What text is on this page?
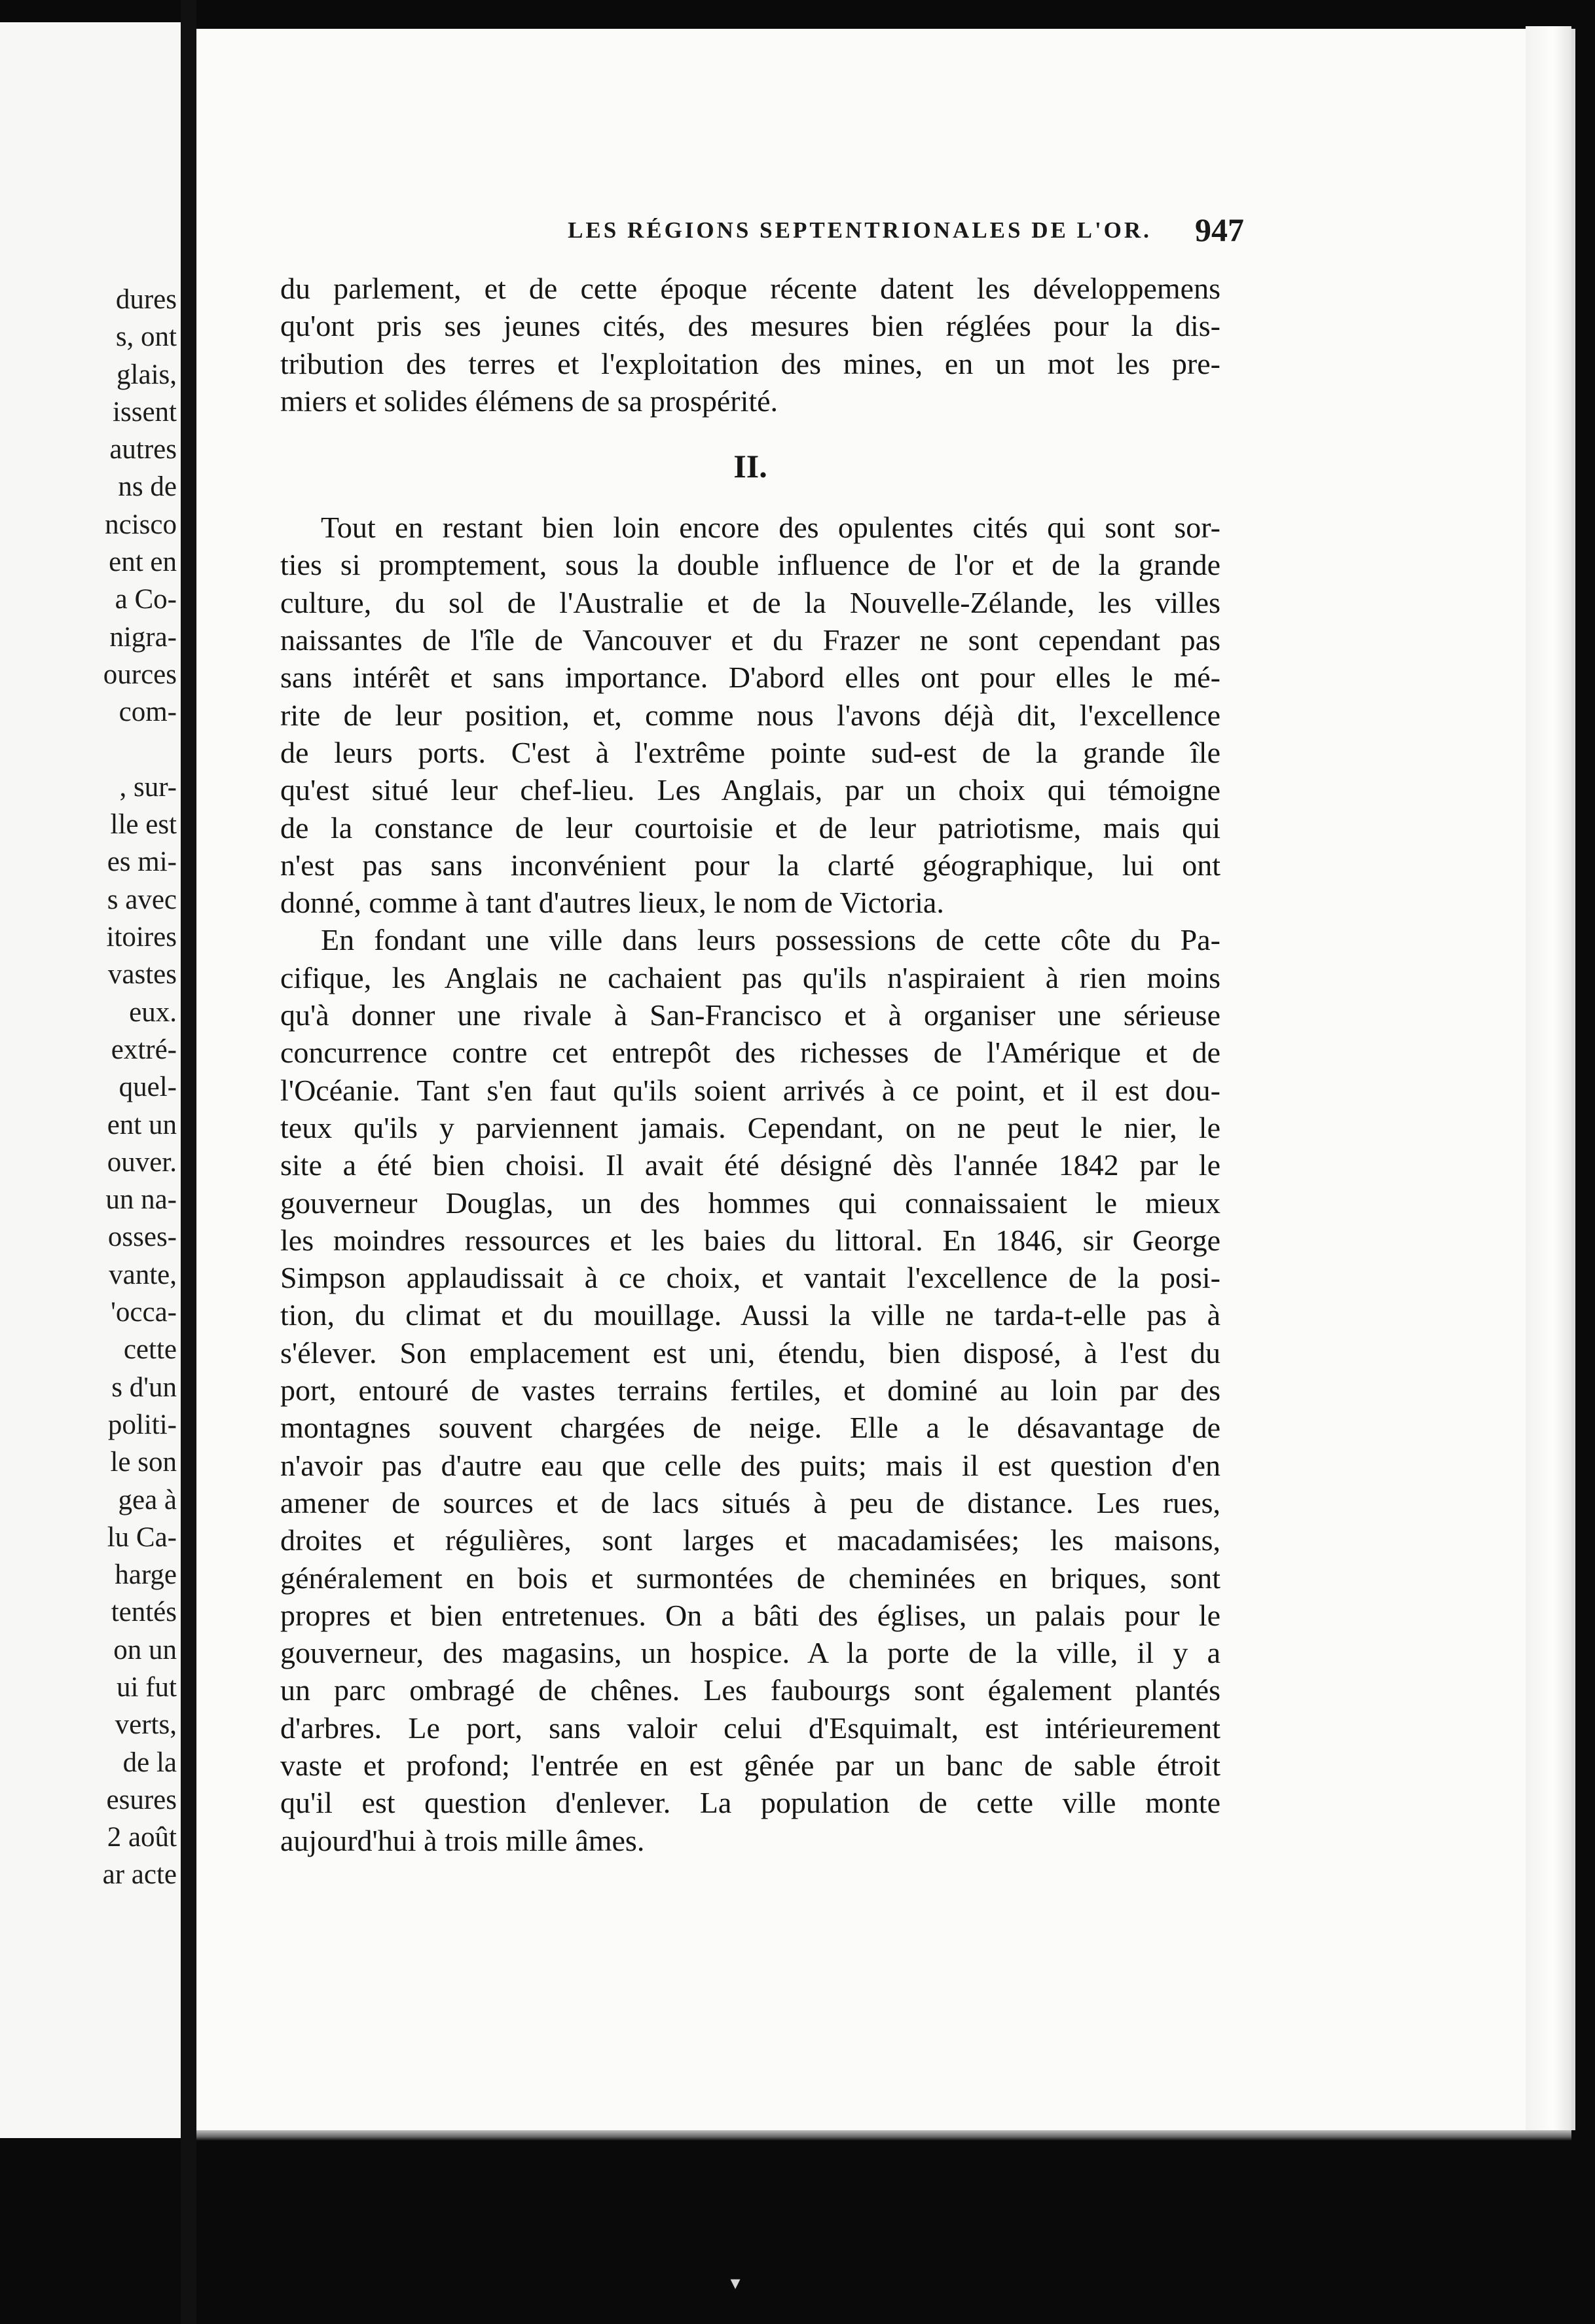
dures
s, ont
glais,
issent
autres
ns de
ncisco
ent en
a Co-
nigra-
ources
com-
, sur-
lle est
es mi-
s avec
itoires
vastes
eux.
extré-
quel-
ent un
ouver.
un na-
osses-
vante,
'occa-
cette
s d'un
politi-
le son
gea à
lu Ca-
harge
tentés
on un
ui fut
verts,
de la
esures
2 août
ar acte
LES RÉGIONS SEPTENTRIONALES DE L'OR.	947
du parlement, et de cette époque récente datent les développemens
qu'ont pris ses jeunes cités, des mesures bien réglées pour la dis-
tribution des terres et l'exploitation des mines, en un mot les pre-
miers et solides élémens de sa prospérité.
II.
Tout en restant bien loin encore des opulentes cités qui sont sor-
ties si promptement, sous la double influence de l'or et de la grande
culture, du sol de l'Australie et de la Nouvelle-Zélande, les villes
naissantes de l'île de Vancouver et du Frazer ne sont cependant pas
sans intérêt et sans importance. D'abord elles ont pour elles le mé-
rite de leur position, et, comme nous l'avons déjà dit, l'excellence
de leurs ports. C'est à l'extrême pointe sud-est de la grande île
qu'est situé leur chef-lieu. Les Anglais, par un choix qui témoigne
de la constance de leur courtoisie et de leur patriotisme, mais qui
n'est pas sans inconvénient pour la clarté géographique, lui ont
donné, comme à tant d'autres lieux, le nom de Victoria.
En fondant une ville dans leurs possessions de cette côte du Pa-
cifique, les Anglais ne cachaient pas qu'ils n'aspiraient à rien moins
qu'à donner une rivale à San-Francisco et à organiser une sérieuse
concurrence contre cet entrepôt des richesses de l'Amérique et de
l'Océanie. Tant s'en faut qu'ils soient arrivés à ce point, et il est dou-
teux qu'ils y parviennent jamais. Cependant, on ne peut le nier, le
site a été bien choisi. Il avait été désigné dès l'année 1842 par le
gouverneur Douglas, un des hommes qui connaissaient le mieux
les moindres ressources et les baies du littoral. En 1846, sir George
Simpson applaudissait à ce choix, et vantait l'excellence de la posi-
tion, du climat et du mouillage. Aussi la ville ne tarda-t-elle pas à
s'élever. Son emplacement est uni, étendu, bien disposé, à l'est du
port, entouré de vastes terrains fertiles, et dominé au loin par des
montagnes souvent chargées de neige. Elle a le désavantage de
n'avoir pas d'autre eau que celle des puits; mais il est question d'en
amener de sources et de lacs situés à peu de distance. Les rues,
droites et régulières, sont larges et macadamisées; les maisons,
généralement en bois et surmontées de cheminées en briques, sont
propres et bien entretenues. On a bâti des églises, un palais pour le
gouverneur, des magasins, un hospice. A la porte de la ville, il y a
un parc ombragé de chênes. Les faubourgs sont également plantés
d'arbres. Le port, sans valoir celui d'Esquimalt, est intérieurement
vaste et profond; l'entrée en est gênée par un banc de sable étroit
qu'il est question d'enlever. La population de cette ville monte
aujourd'hui à trois mille âmes.
▾
